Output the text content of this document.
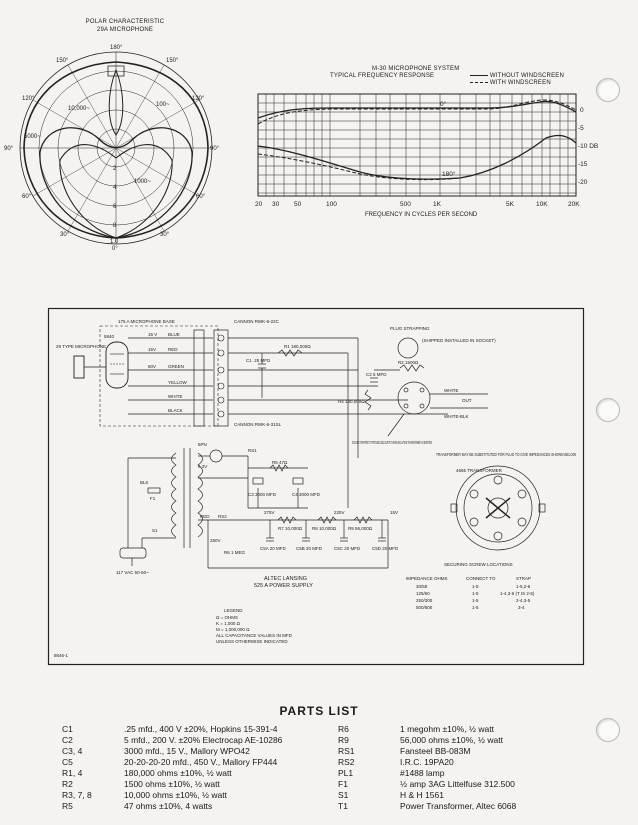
POLAR CHARACTERISTIC
29A MICROPHONE
180°
150°	150°
120°	120°
90°	90°
60°	60°
30°	30°
0°
10,000~
100~
5000~
1000~
2
4
6
8
1.0
M-30 MICROPHONE SYSTEM
TYPICAL FREQUENCY RESPONSE	WITHOUT WINDSCREEN
WITH WINDSCREEN
0°
180°
0
-5
-10 DB
-15
-20
20 30 50	100	500	1K	5K	10K	20K
FREQUENCY IN CYCLES PER SECOND
175 A MICROPHONE BASE	CANNON RWK-6-22C
CANNON RWK-6-31SL
29 TYPE MICROPHONE
5840	15 V BLUE
15V	RED
60V	GREEN
YELLOW
WHITE
BLACK
PLUG STRAPPING
(SHIPPED INSTALLED IN SOCKET)
R1 180,000Ω
C1 .25 MFD
C2 5 MFD
R2 1500Ω
R4 180,000Ω
WHITE
OUT
WHITE-BLK
SOCKET STRAPPED TO PROVIDE 150Ω OUTPUT WHEN ISOLATION TRANSFORMER IS INSERTED
TRANSFORMER MAY BE SUBSTITUTED FOR PLUG TO GIVE IMPEDANCES SHOWN BELOW
4665 TRANSFORMER
SECURING SCREW LOCATIONS
IMPEDANCE OHMS	CONNECT TO	STRAP
30/50	1-5	1-5,2-6
125/50	1-5	1-4,3-6 (T IS 2-5)
250/300	1-5	2-4,3-5
500/600	1-5	3-4
6PN
6.3V
BLK
F1
S1
117 VAC 50-60~
RS1
RED RS2
250V
R6 1 MEG
R5 47Ω
C3 3000 MFD	C4 3000 MFD
275V
R7 10,000Ω R8 10,000Ω
225V
R9 56,000Ω
C5A 20 MFD C5B 20 MFD	C5C 20 MFD	C5D 20 MFD
15V
ALTEC LANSING
525 A POWER SUPPLY
LEGEND
Ω = OHMS
K = 1,000 Ω
M = 1,000,000 Ω
ALL CAPACITANCE VALUES IN MFD
UNLESS OTHERWISE INDICATED
8646-1
PARTS LIST
C1	.25 mfd., 400 V ±20%, Hopkins 15-391-4
C2	5 mfd., 200 V. ±20% Electrocap AE-10286
C3, 4	3000 mfd., 15 V., Mallory WPO42
C5	20-20-20-20 mfd., 450 V., Mallory FP444
R1, 4	180,000 ohms ±10%, ½ watt
R2	1500 ohms ±10%, ½ watt
R3, 7, 8	10,000 ohms ±10%, ½ watt
R5	47 ohms ±10%, 4 watts
R6	1 megohm ±10%, ½ watt
R9	56,000 ohms ±10%, ½ watt
RS1	Fansteel BB-083M
RS2	I.R.C. 19PA20
PL1	#1488 lamp
F1	½ amp 3AG Littelfuse 312.500
S1	H & H 1561
T1	Power Transformer, Altec 6068
